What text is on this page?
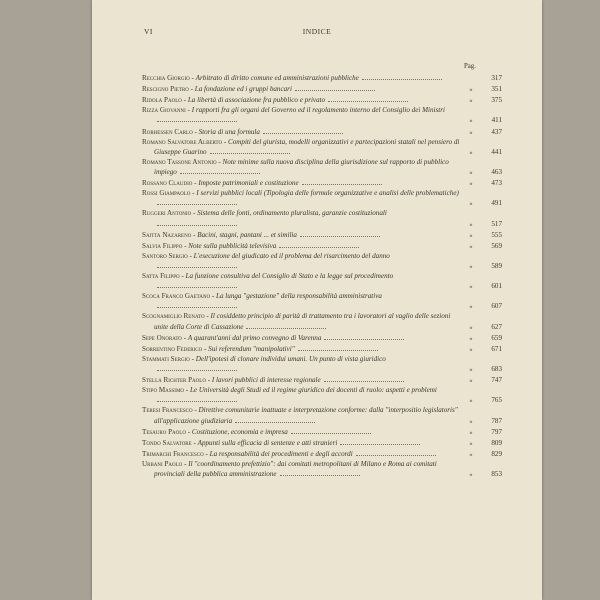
VI	INDICE
Pag.
Recchia Giorgio - Arbitrato di diritto comune ed amministrazioni pubbliche	317
Rescigno Pietro - La fondazione ed i gruppi bancari	»	351
Ridola Paolo - La libertà di associazione fra pubblico e privato	»	375
Rizza Giovanni - I rapporti fra gli organi del Governo ed il regolamento interno del Consiglio dei Ministri
»	411
Rorhessen Carlo - Storia di una formula	»	437
Romano Salvatore Alberto - Compiti del giurista, modelli organizzativi e partecipazioni statali nel pensiero di Giuseppe Guarino	»	441
Romano Tassone Antonio - Note minime sulla nuova disciplina della giurisdizione sul rapporto di pubblico impiego	»	463
Rossano Claudio - Imposte patrimoniali e costituzione	»	473
Rossi Giampaolo - I servizi pubblici locali (Tipologia delle formule organizzative e analisi delle problematiche)
»	491
Ruggeri Antonio - Sistema delle fonti, ordinamento pluralista, garanzie costituzionali
»	517
Saitta Nazareno - Bacini, stagni, pantani ... et similia	»	555
Salvia Filippo - Note sulla pubblicità televisiva	»	569
Santoro Sergio - L'esecuzione del giudicato ed il problema del risarcimento del danno
»	589
Satta Filippo - La funzione consultiva del Consiglio di Stato e la legge sul procedimento
»	601
Scoca Franco Gaetano - La lunga "gestazione" della responsabilità amministrativa
»	607
Scognamiglio Renato - Il cosiddetto principio di parità di trattamento tra i lavoratori al vaglio delle sezioni unite della Corte di Cassazione	»	627
Sepe Onorato - A quarant'anni dal primo convegno di Varenna	»	659
Sorrentino Federico - Sui referendum "manipolativi"	»	671
Stammati Sergio - Dell'ipotesi di clonare individui umani. Un punto di vista giuridico
»	683
Stella Richter Paolo - I lavori pubblici di interesse regionale	»	747
Stipo Massimo - Le Università degli Studi ed il regime giuridico dei docenti di ruolo: aspetti e problemi
»	765
Teresi Francesco - Direttive comunitarie inattuate e interpretazione conforme: dalla "interpositio legislatoris" all'applicazione giudiziaria	»	787
Tesauro Paolo - Costituzione, economia e impresa	»	797
Tondo Salvatore - Appunti sulla efficacia di sentenze e atti stranieri	»	809
Trimarchi Francesco - La responsabilità dei procedimenti e degli accordi	»	829
Urbani Paolo - Il "coordinamento prefettizio": dai comitati metropolitani di Milano e Roma ai comitati provinciali della pubblica amministrazione	»	853
